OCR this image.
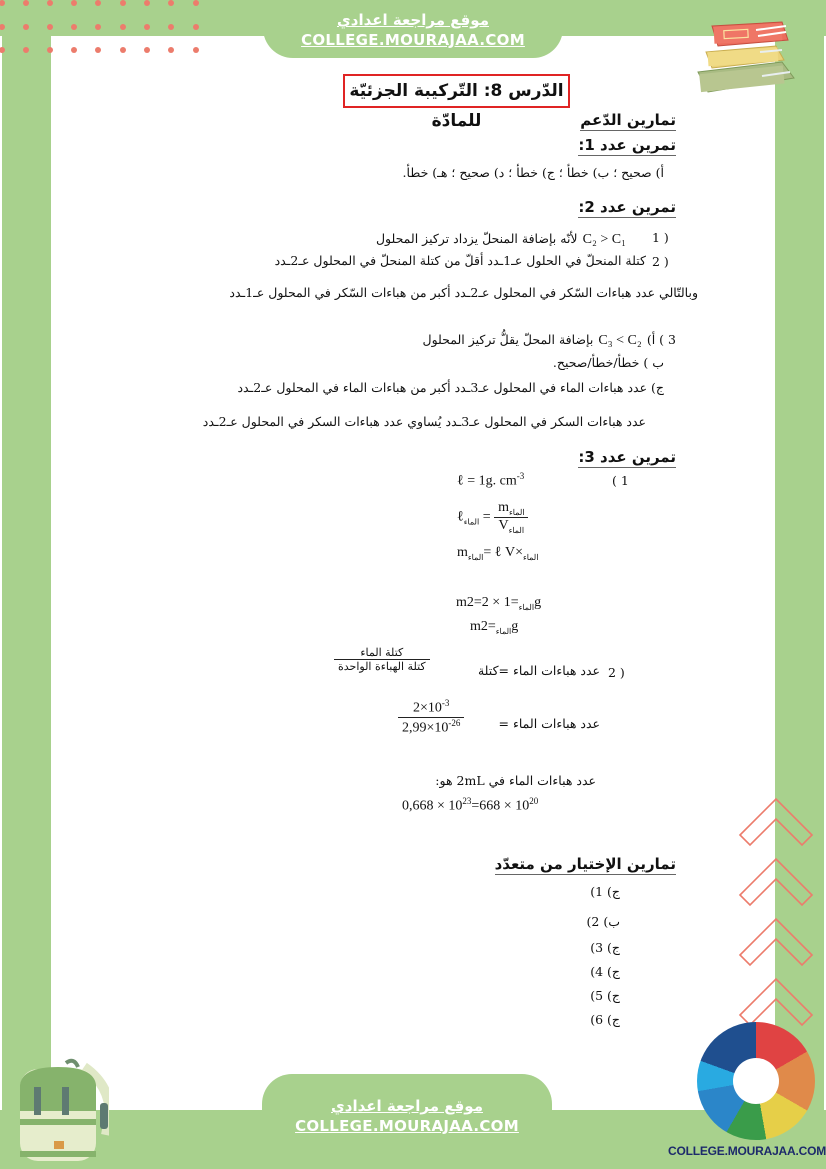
موقع مراجعة اعدادي
COLLEGE.MOURAJAA.COM
الدّرس 8: التّركيبة الجزئيّة للمادّة	تمارين الدّعم
تمرين عدد 1:
أ) صحيح ؛ ب) خطأ ؛ ج) خطأ ؛ د) صحيح ؛ هـ) خطأ.
تمرين عدد 2:
1 )
C₂ > C₁ لأنّه بإضافة المنحلّ يزداد تركيز المحلول
2 )
كتلة المنحلّ في الحلول عـ1ـدد أقلّ من كتلة المنحلّ في المحلول عـ2ـدد
وبالتّالي عدد هباءات السّكر في المحلول عـ2ـدد أكبر من هباءات السّكر في المحلول عـ1ـدد
3 ) أ) C₃ < C₂ بإضافة المحلّ يقلُّ تركيز المحلول
ب ) خطأ/خطأ/صحيح.
ج) عدد هباءات الماء في المحلول عـ3ـدد أكبر من هباءات الماء في المحلول عـ2ـدد
عدد هباءات السكر في المحلول عـ3ـدد يُساوي عدد هباءات السكر في المحلول عـ2ـدد
تمرين عدد 3:
( 1
ℓ = 1g. $cm^{-3}$
ℓ$_{الماء}$ = $\frac{m_{الماء}}{V_{الماء}}$
$m_{الماء}=$ ℓ $V\times_{الماء}$
m	$_{الماء}$=1 × 2=2g
m $_{الماء}$=2g
2 )
عدد هباءات الماء =كتلة
$\frac{\text{كتلة الماء}}{\text{كتلة الهباءة الواحدة}}$
$\frac{2\times 10^{-3}}{2,99\times 10^{-26}}$	عدد هباءات الماء =
عدد هباءات الماء في 2mL هو:
$0,668 \times 10^{23}=668 \times 10^{20}$
تمارين الإختيار من متعدّد
ج) 1)
ب) 2)
ج) 3)
ج) 4)
ج) 5)
ج) 6)
موقع مراجعة اعدادي
COLLEGE.MOURAJAA.COM
COLLEGE.MOURAJAA.COM
